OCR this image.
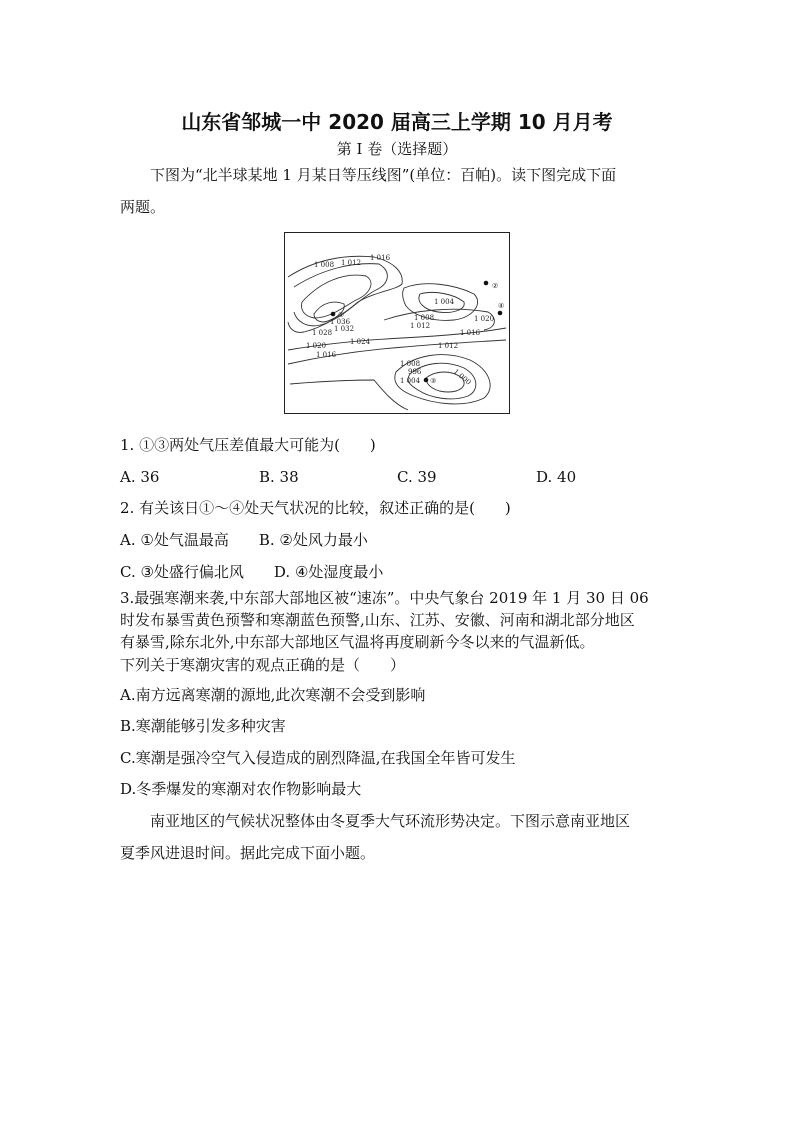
山东省邹城一中 2020 届高三上学期 10 月月考
第 I 卷（选择题）
下图为“北半球某地 1 月某日等压线图”(单位：百帕)。读下图完成下面
两题。
1 008 1 012
1 016
1 004
1 008
1 012
1 020
1 016
1 036
1 032
1 028
1 024
1 020
1 016
1 012
1 008
996	1 000
1 004
①
②
③
④
1. ①③两处气压差值最大可能为(　　)
A. 36	B. 38	C. 39	D. 40
2. 有关该日①～④处天气状况的比较，叙述正确的是(　　)
A. ①处气温最高　　B. ②处风力最小
C. ③处盛行偏北风　　D. ④处湿度最小
3.最强寒潮来袭,中东部大部地区被“速冻”。中央气象台 2019 年 1 月 30 日 06
时发布暴雪黄色预警和寒潮蓝色预警,山东、江苏、安徽、河南和湖北部分地区
有暴雪,除东北外,中东部大部地区气温将再度刷新今冬以来的气温新低。
下列关于寒潮灾害的观点正确的是（　　）
A.南方远离寒潮的源地,此次寒潮不会受到影响
B.寒潮能够引发多种灾害
C.寒潮是强冷空气入侵造成的剧烈降温,在我国全年皆可发生
D.冬季爆发的寒潮对农作物影响最大
南亚地区的气候状况整体由冬夏季大气环流形势决定。下图示意南亚地区
夏季风进退时间。据此完成下面小题。
